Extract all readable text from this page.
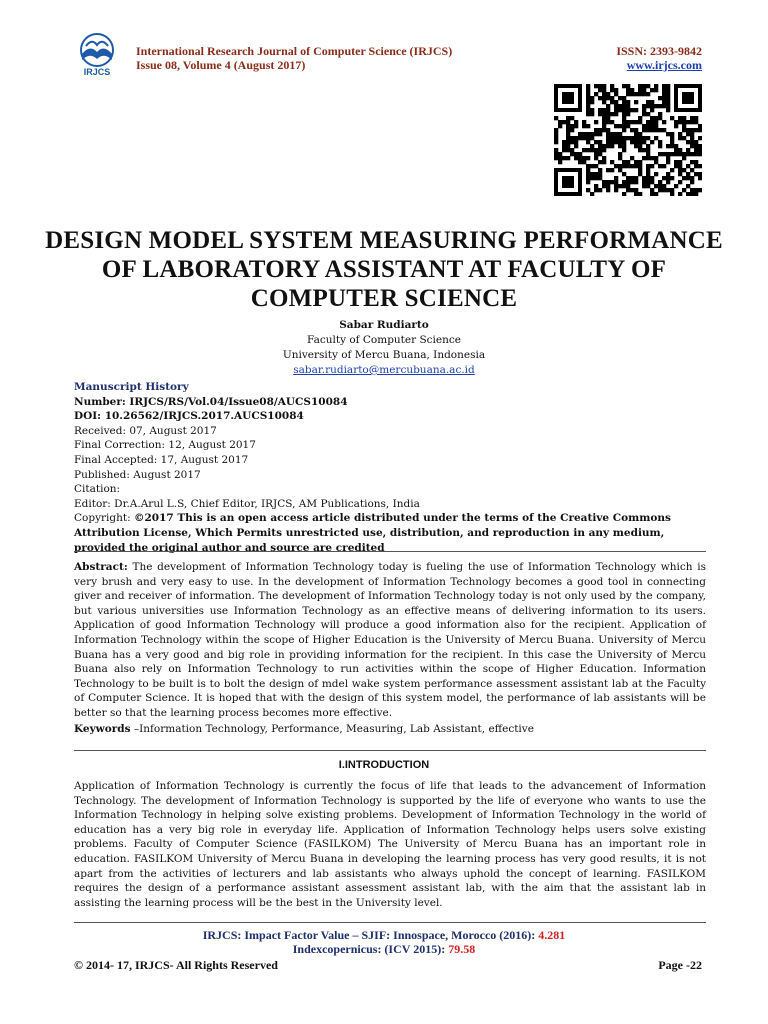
IRJCS
International Research Journal of Computer Science (IRJCS)
Issue 08, Volume 4 (August 2017)
ISSN: 2393-9842
www.irjcs.com
DESIGN MODEL SYSTEM MEASURING PERFORMANCE OF LABORATORY ASSISTANT AT FACULTY OF COMPUTER SCIENCE
Sabar Rudiarto
Faculty of Computer Science
University of Mercu Buana, Indonesia
sabar.rudiarto@mercubuana.ac.id
Manuscript History
Number: IRJCS/RS/Vol.04/Issue08/AUCS10084
DOI: 10.26562/IRJCS.2017.AUCS10084
Received: 07, August 2017
Final Correction: 12, August 2017
Final Accepted: 17, August 2017
Published: August 2017
Citation:
Editor: Dr.A.Arul L.S, Chief Editor, IRJCS, AM Publications, India
Copyright: ©2017 This is an open access article distributed under the terms of the Creative Commons Attribution License, Which Permits unrestricted use, distribution, and reproduction in any medium, provided the original author and source are credited
Abstract: The development of Information Technology today is fueling the use of Information Technology which is very brush and very easy to use. In the development of Information Technology becomes a good tool in connecting giver and receiver of information. The development of Information Technology today is not only used by the company, but various universities use Information Technology as an effective means of delivering information to its users. Application of good Information Technology will produce a good information also for the recipient. Application of Information Technology within the scope of Higher Education is the University of Mercu Buana. University of Mercu Buana has a very good and big role in providing information for the recipient. In this case the University of Mercu Buana also rely on Information Technology to run activities within the scope of Higher Education. Information Technology to be built is to bolt the design of mdel wake system performance assessment assistant lab at the Faculty of Computer Science. It is hoped that with the design of this system model, the performance of lab assistants will be better so that the learning process becomes more effective.
Keywords –Information Technology, Performance, Measuring, Lab Assistant, effective
I.INTRODUCTION
Application of Information Technology is currently the focus of life that leads to the advancement of Information Technology. The development of Information Technology is supported by the life of everyone who wants to use the Information Technology in helping solve existing problems. Development of Information Technology in the world of education has a very big role in everyday life. Application of Information Technology helps users solve existing problems. Faculty of Computer Science (FASILKOM) The University of Mercu Buana has an important role in education. FASILKOM University of Mercu Buana in developing the learning process has very good results, it is not apart from the activities of lecturers and lab assistants who always uphold the concept of learning. FASILKOM requires the design of a performance assistant assessment assistant lab, with the aim that the assistant lab in assisting the learning process will be the best in the University level.
IRJCS: Impact Factor Value – SJIF: Innospace, Morocco (2016): 4.281
Indexcopernicus: (ICV 2015): 79.58
© 2014- 17, IRJCS- All Rights Reserved	Page -22
